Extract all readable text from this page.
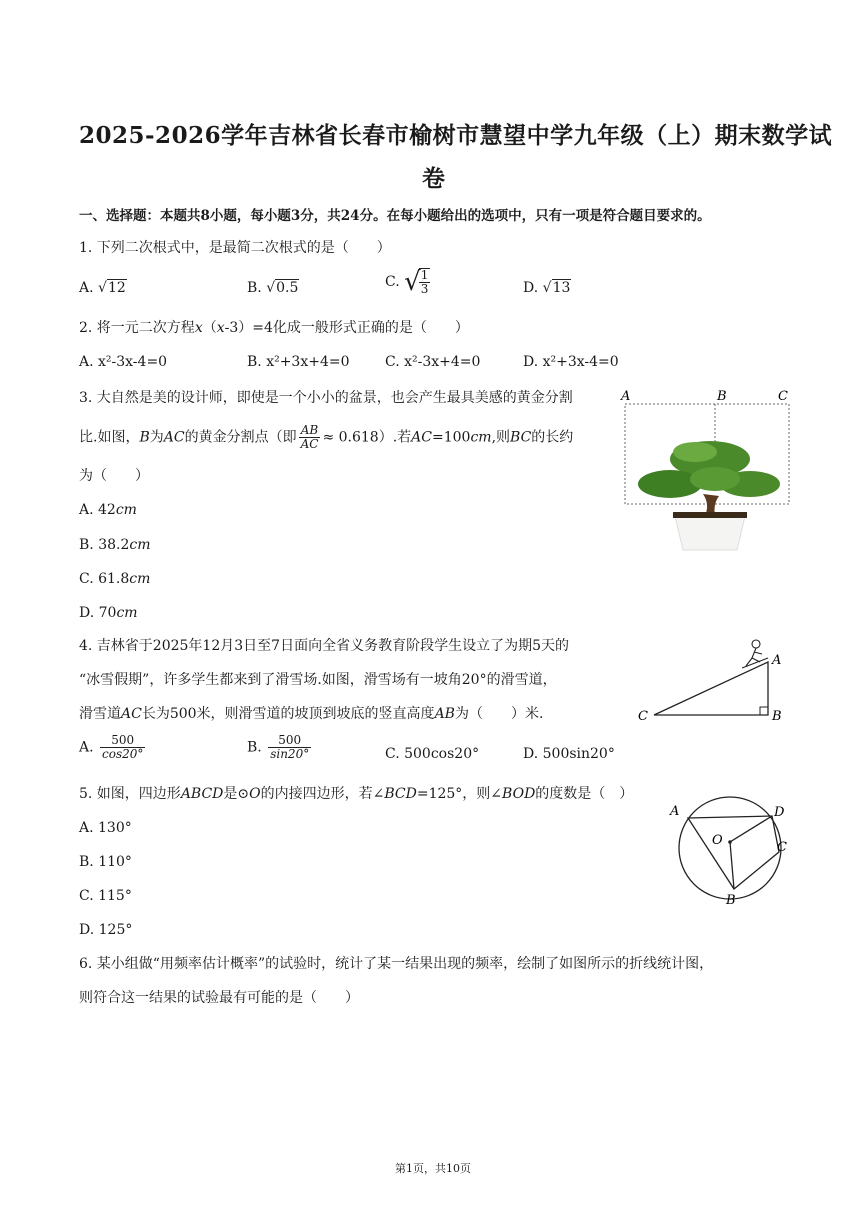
2025-2026学年吉林省长春市榆树市慧望中学九年级（上）期末数学试
卷
一、选择题：本题共8小题，每小题3分，共24分。在每小题给出的选项中，只有一项是符合题目要求的。
1. 下列二次根式中，是最简二次根式的是（　　）
A. √12	B. √0.5	C. √
$\frac{1}{3}$	D. √13
2. 将一元二次方程x（x-3）=4化成一般形式正确的是（　　）
A. x²-3x-4=0	B. x²+3x+4=0	C. x²-3x+4=0	D. x²+3x-4=0
3. 大自然是美的设计师，即使是一个小小的盆景，也会产生最具美感的黄金分割
比.如图，B为AC的黄金分割点（即 $\frac{AB}{AC} \approx 0.618$）.若AC=100cm,则BC的长约
为（　　）
A. 42cm
B. 38.2cm
C. 61.8cm
D. 70cm
A	B	C
4. 吉林省于2025年12月3日至7日面向全省义务教育阶段学生设立了为期5天的
“冰雪假期”，许多学生都来到了滑雪场.如图，滑雪场有一坡角20°的滑雪道，
滑雪道AC长为500米，则滑雪道的坡顶到坡底的竖直高度AB为（　　）米.
A. $\frac{500}{\cos 20^\circ}$	B. $\frac{500}{\sin 20^\circ}$	C. 500cos20°	D. 500sin20°
A
B
C
5. 如图，四边形ABCD是⊙O的内接四边形，若∠BCD=125°，则∠BOD的度数是（　）
A. 130°
B. 110°
C. 115°
D. 125°
A	D
C
B
O
6. 某小组做“用频率估计概率”的试验时，统计了某一结果出现的频率，绘制了如图所示的折线统计图，
则符合这一结果的试验最有可能的是（　　）
第1页，共10页
